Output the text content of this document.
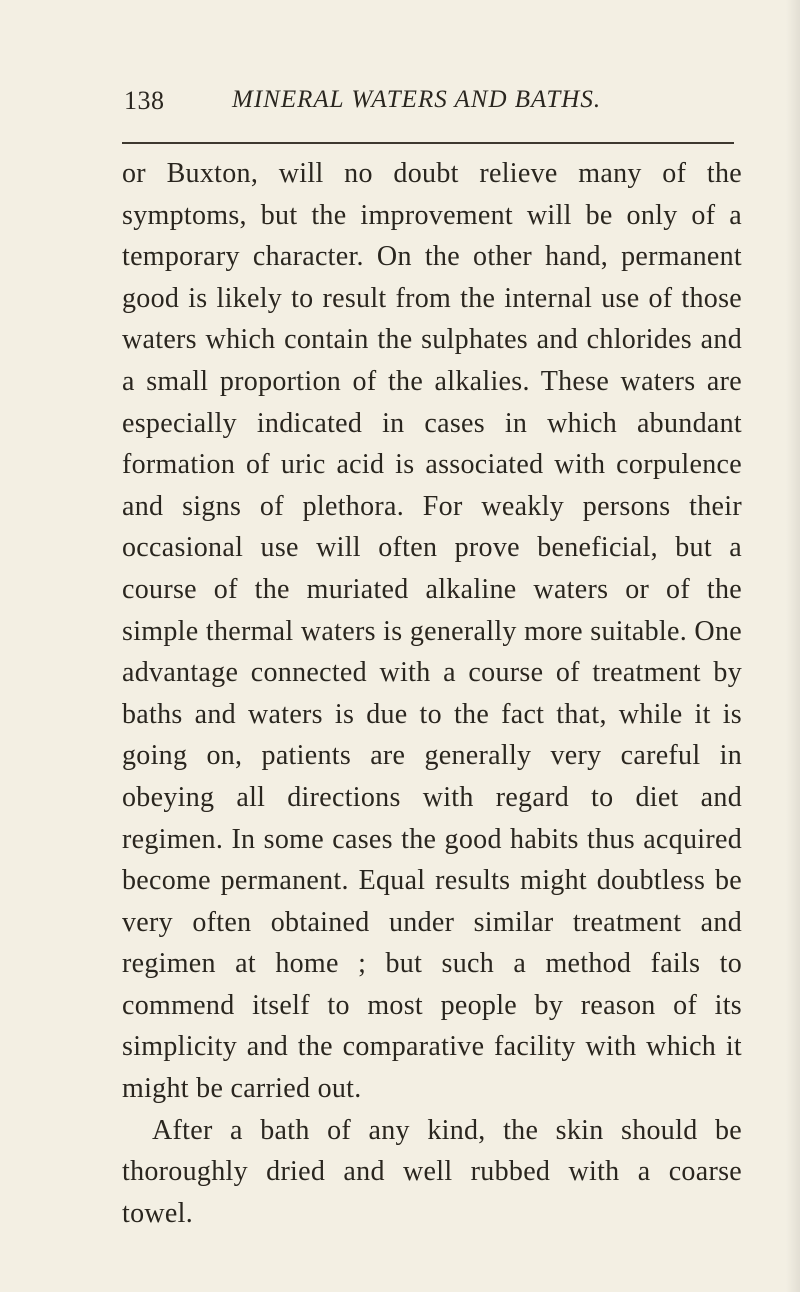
138	MINERAL WATERS AND BATHS.

or Buxton, will no doubt relieve many of the symptoms, but the improvement will be only of a temporary character. On the other hand, permanent good is likely to result from the internal use of those waters which contain the sulphates and chlorides and a small proportion of the alkalies. These waters are especially indicated in cases in which abundant formation of uric acid is associated with corpulence and signs of plethora. For weakly persons their occasional use will often prove beneficial, but a course of the muriated alkaline waters or of the simple thermal waters is generally more suitable. One advantage connected with a course of treatment by baths and waters is due to the fact that, while it is going on, patients are generally very careful in obeying all directions with regard to diet and regimen. In some cases the good habits thus acquired become permanent. Equal results might doubtless be very often obtained under similar treatment and regimen at home ; but such a method fails to commend itself to most people by reason of its simplicity and the comparative facility with which it might be carried out.

After a bath of any kind, the skin should be thoroughly dried and well rubbed with a coarse towel.
